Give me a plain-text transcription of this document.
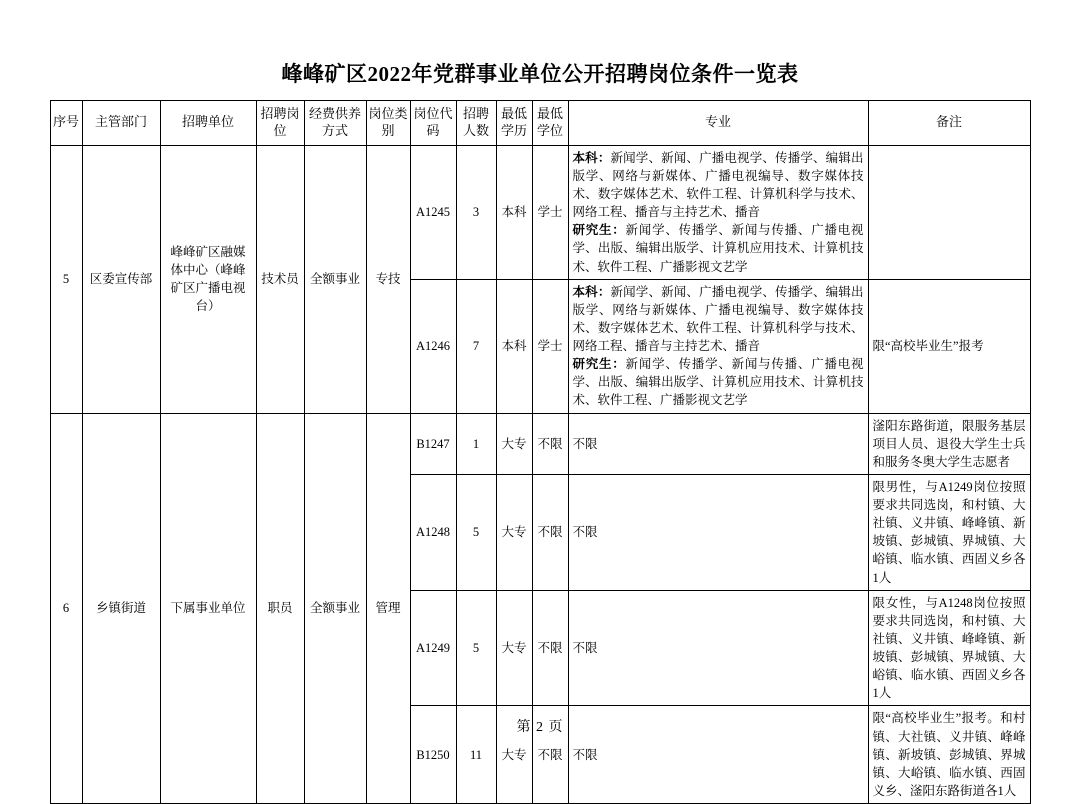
峰峰矿区2022年党群事业单位公开招聘岗位条件一览表
序号	主管部门	招聘单位	招聘岗位	经费供养方式	岗位类别	岗位代码	招聘人数	最低学历	最低学位	专业	备注
5	区委宣传部	峰峰矿区融媒体中心（峰峰矿区广播电视台）	技术员	全额事业	专技	A1245	3	本科	学士	本科：新闻学、新闻、广播电视学、传播学、编辑出版学、网络与新媒体、广播电视编导、数字媒体技术、数字媒体艺术、软件工程、计算机科学与技术、网络工程、播音与主持艺术、播音
研究生：新闻学、传播学、新闻与传播、广播电视学、出版、编辑出版学、计算机应用技术、计算机技术、软件工程、广播影视文艺学	

						A1246	7	本科	学士	本科：新闻学、新闻、广播电视学、传播学、编辑出版学、网络与新媒体、广播电视编导、数字媒体技术、数字媒体艺术、软件工程、计算机科学与技术、网络工程、播音与主持艺术、播音
研究生：新闻学、传播学、新闻与传播、广播电视学、出版、编辑出版学、计算机应用技术、计算机技术、软件工程、广播影视文艺学	限“高校毕业生”报考
6	乡镇街道	下属事业单位	职员	全额事业	管理	B1247	1	大专	不限	不限	滏阳东路街道，限服务基层项目人员、退役大学生士兵和服务冬奥大学生志愿者
						A1248	5	大专	不限	不限	限男性，与A1249岗位按照要求共同选岗，和村镇、大社镇、义井镇、峰峰镇、新坡镇、彭城镇、界城镇、大峪镇、临水镇、西固义乡各1人
						A1249	5	大专	不限	不限	限女性，与A1248岗位按照要求共同选岗，和村镇、大社镇、义井镇、峰峰镇、新坡镇、彭城镇、界城镇、大峪镇、临水镇、西固义乡各1人
						B1250	11	大专	不限	不限	限“高校毕业生”报考。和村镇、大社镇、义井镇、峰峰镇、新坡镇、彭城镇、界城镇、大峪镇、临水镇、西固义乡、滏阳东路街道各1人
第 2 页
